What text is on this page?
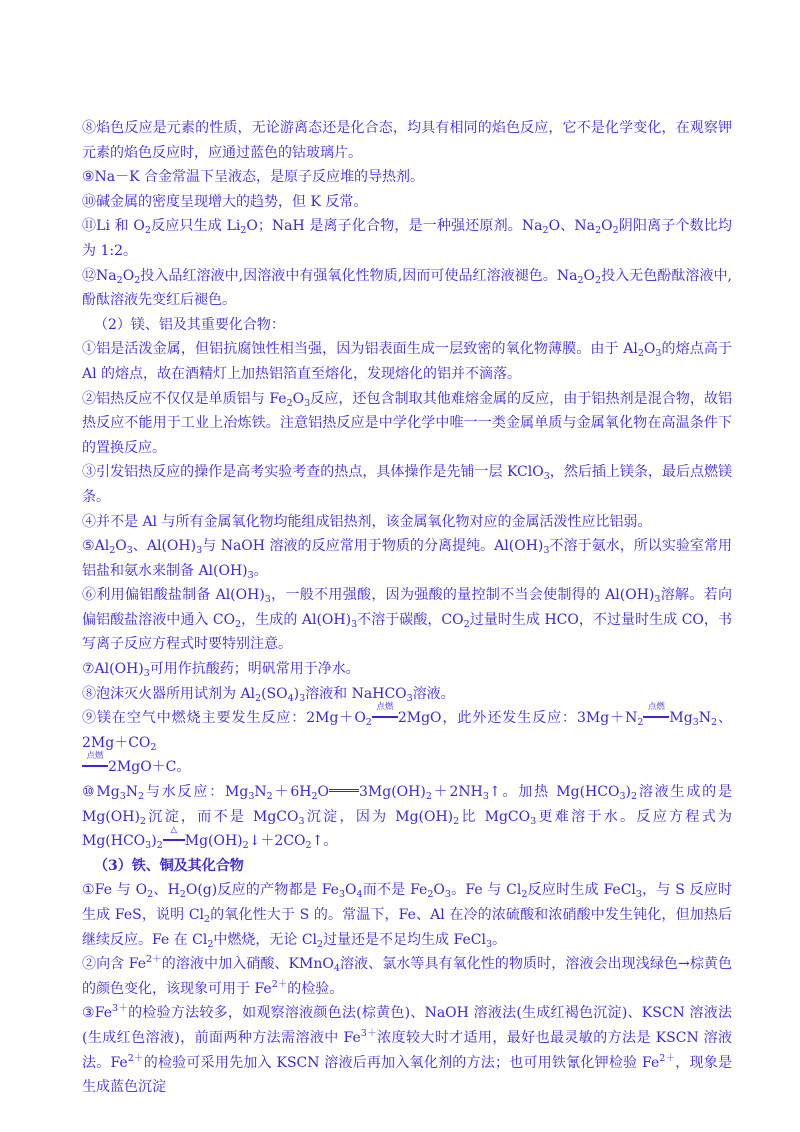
⑧焰色反应是元素的性质，无论游离态还是化合态，均具有相同的焰色反应，它不是化学变化，在观察钾元素的焰色反应时，应通过蓝色的钴玻璃片。

⑨Na－K 合金常温下呈液态，是原子反应堆的导热剂。

⑩碱金属的密度呈现增大的趋势，但 K 反常。

⑪Li 和 $O_2$反应只生成 $Li_2O$；NaH 是离子化合物，是一种强还原剂。$Na_2O$、$Na_2O_2$阴阳离子个数比均为 1:2。

$⑫Na_2O_2$投入品红溶液中,因溶液中有强氧化性物质,因而可使品红溶液褪色。$Na_2O_2$投入无色酚酞溶液中,酚酞溶液先变红后褪色。

（2）镁、铝及其重要化合物：

①铝是活泼金属，但铝抗腐蚀性相当强，因为铝表面生成一层致密的氧化物薄膜。由于 $Al_2O_3$的熔点高于 Al 的熔点，故在酒精灯上加热铝箔直至熔化，发现熔化的铝并不滴落。

②铝热反应不仅仅是单质铝与 $Fe_2O_3$反应，还包含制取其他难熔金属的反应，由于铝热剂是混合物，故铝热反应不能用于工业上冶炼铁。注意铝热反应是中学化学中唯一一类金属单质与金属氧化物在高温条件下的置换反应。

③引发铝热反应的操作是高考实验考查的热点，具体操作是先铺一层 KClO$_3$，然后插上镁条，最后点燃镁条。

④并不是 Al 与所有金属氧化物均能组成铝热剂，该金属氧化物对应的金属活泼性应比铝弱。

$⑤Al_2O_3$、$Al(OH)_3$与 NaOH 溶液的反应常用于物质的分离提纯。$Al(OH)_3$不溶于氨水，所以实验室常用铝盐和氨水来制备 $Al(OH)_3$。

⑥利用偏铝酸盐制备 $Al(OH)_3$，一般不用强酸，因为强酸的量控制不当会使制得的 $Al(OH)_3$溶解。若向偏铝酸盐溶液中通入 $CO_2$，生成的 $Al(OH)_3$不溶于碳酸，$CO_2$过量时生成 HCO，不过量时生成 CO，书写离子反应方程式时要特别注意。

$⑦Al(OH)_3$可用作抗酸药；明矾常用于净水。

⑧泡沫灭火器所用试剂为 $Al_2(SO_4)_3$溶液和 NaHCO$_3$溶液。

⑨镁在空气中燃烧主要发生反应：$2Mg+O_2$
点燃
2MgO，此外还发生反应：$3Mg+N_2$
点燃
$Mg_3N_2$、$2Mg+CO_2$

点燃
2MgO＋C。

$⑩Mg_3N_2$与水反应：$Mg_3N_2+6H_2O$ $3Mg(OH)_2+2NH_3↑$。加热 $Mg(HCO_3)_2$溶液生成的是 $Mg(OH)_2$沉淀，而不是 MgCO$_3$沉淀，因为 $Mg(OH)_2$比 MgCO$_3$更难溶于水。反应方程式为 $Mg(HCO_3)_2$
△
$Mg(OH)_2↓+2CO_2↑$。

（3）铁、铜及其化合物

①Fe 与 $O_2$、$H_2O(g)$反应的产物都是 $Fe_3O_4$而不是 $Fe_2O_3$。Fe 与 $Cl_2$反应时生成 FeCl$_3$，与 S 反应时生成 FeS，说明 $Cl_2$的氧化性大于 S 的。常温下，Fe、Al 在冷的浓硫酸和浓硝酸中发生钝化，但加热后继续反应。Fe 在 $Cl_2$中燃烧，无论 $Cl_2$过量还是不足均生成 FeCl$_3$。

②向含 $Fe^{2+}$的溶液中加入硝酸、KMnO$_4$溶液、氯水等具有氧化性的物质时，溶液会出现浅绿色→棕黄色的颜色变化，该现象可用于 $Fe^{2+}$的检验。

$③Fe^{3+}$的检验方法较多，如观察溶液颜色法(棕黄色)、NaOH 溶液法(生成红褐色沉淀)、KSCN 溶液法(生成红色溶液)，前面两种方法需溶液中 $Fe^{3+}$浓度较大时才适用，最好也最灵敏的方法是 KSCN 溶液法。$Fe^{2+}$的检验可采用先加入 KSCN 溶液后再加入氧化剂的方法；也可用铁氰化钾检验 $Fe^{2+}$，现象是生成蓝色沉淀
